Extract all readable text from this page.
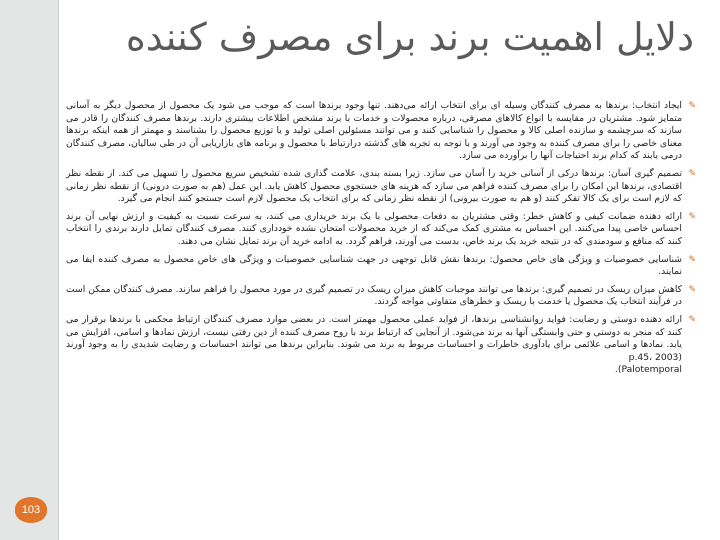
دلایل اهمیت برند برای مصرف کننده
✎
ایجاد انتخاب: برندها به مصرف کنندگان وسیله ای برای انتخاب ارائه می‌دهند. تنها وجود برندها است که موجب می شود یک محصول از محصول دیگر به آسانی متمایز شود. مشتریان در مقایسه با انواع کالاهای مصرفی، درباره محصولات و خدمات با برند مشخص اطلاعات بیشتری دارند. برندها مصرف کنندگان را قادر می سازند که سرچشمه و سازنده اصلی کالا و محصول را شناسایی کنند و می توانند مسئولین اصلی تولید و یا توزیع محصول را بشناسند و مهمتر از همه اینکه برندها معنای خاصی را برای مصرف کننده به وجود می آورند و با توجه به تجربه های گذشته درارتباط با محصول و برنامه های بازاریابی آن در طی سالیان، مصرف کنندگان درمی یابند که کدام برند احتیاجات آنها را برآورده می سازد.
✎
تصمیم گیری آسان: برندها درکی از آسانی خرید را آسان می سازد. زیرا بسته بندی، علامت گذاری شده تشخیص سریع محصول را تسهیل می کند. از نقطه نظر اقتصادی، برندها این امکان را برای مصرف کننده فراهم می سازد که هزینه های جستجوی محصول کاهش یابد. این عمل (هم به صورت درونی) از نقطه نظر زمانی که لازم است برای یک کالا تفکر کنند (و هم به صورت بیرونی) از نقطه نظر زمانی که برای انتخاب یک محصول لازم است جستجو کنند انجام می گیرد.
✎
ارائه دهنده ضمانت کیفی و کاهش خطر: وقتی مشتریان به دفعات محصولی با یک برند خریداری می کنند، به سرعت نسبت به کیفیت و ارزش نهایی آن برند احساس خاصی پیدا می‌کنند. این احساس به مشتری کمک می‌کند که از خرید محصولات امتحان نشده خودداری کنند. مصرف کنندگان تمایل دارند برندی را انتخاب کنند که منافع و سودمندی که در نتیجه خرید یک برند خاص، بدست می آورند، فراهم گردد. به ادامه خرید آن برند تمایل نشان می دهند.
✎
شناسایی خصوصیات و ویژگی های خاص محصول: برندها نقش قابل توجهی در جهت شناسایی خصوصیات و ویژگی های خاص محصول به مصرف کننده ایفا می نمایند.
✎
کاهش میزان ریسک در تصمیم گیری: برندها می توانند موجبات کاهش میزان ریسک در تصمیم گیری در مورد محصول را فراهم سازند. مصرف کنندگان ممکن است در فرآیند انتخاب یک محصول یا خدمت با ریسک و خطرهای متفاوتی مواجه گردند.
✎
ارائه دهنده دوستی و رضایت: فواید روانشناسی برندها، از فواید عملی محصول مهمتر است. در بعضی موارد مصرف کنندگان ارتباط محکمی با برندها برقرار می کنند که منجر به دوستی و حتی وابستگی آنها به برند می‌شود. از آنجایی که ارتباط برند با روح مصرف کننده از دین رفتی نیست، ارزش نمادها و اسامی، افزایش می یابد. نمادها و اسامی علائمی برای یادآوری خاطرات و احساسات مربوط به برند می شوند. بنابراین برندها می توانند احساسات و رضایت شدیدی را به وجود آورند (2003 ،p.45
Palotemporal).
103
